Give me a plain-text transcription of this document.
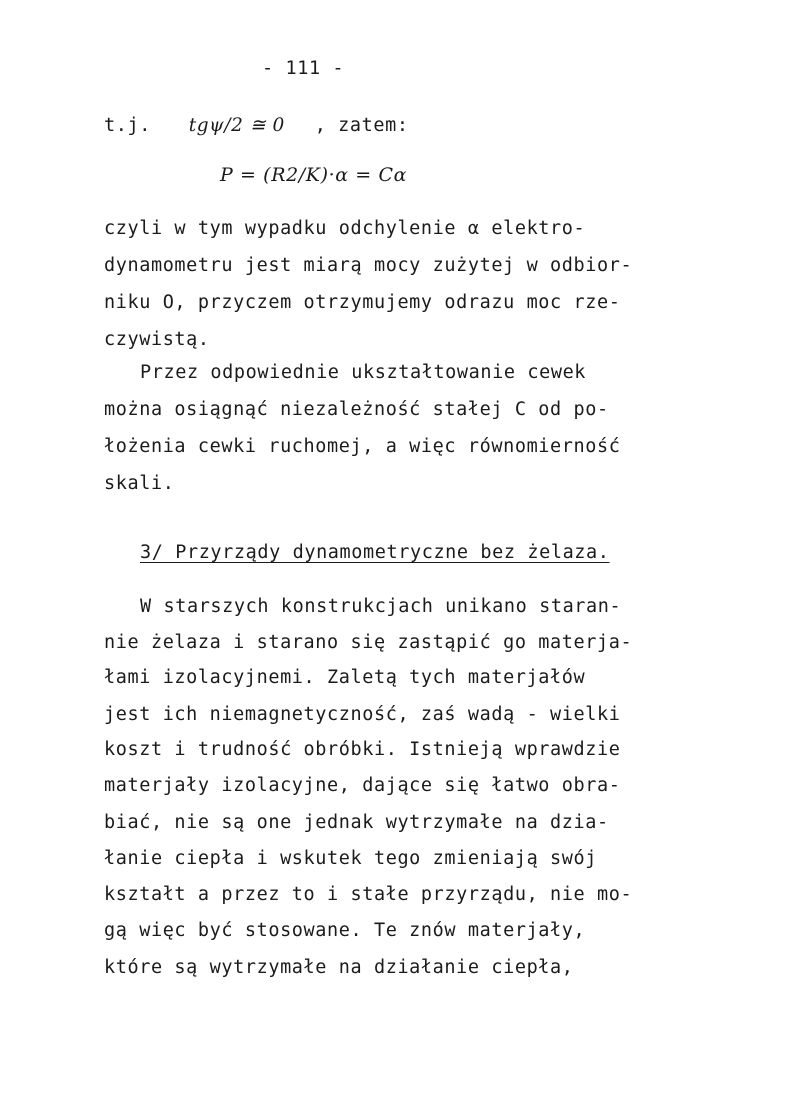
- 111 -
t.j. tgψ/2 ≅ 0 , zatem:
P = (R2/K)·α = Cα
czyli w tym wypadku odchylenie α elektro-
dynamometru jest miarą mocy zużytej w odbior-
niku O, przyczem otrzymujemy odrazu moc rze-
czywistą.
Przez odpowiednie ukształtowanie cewek
można osiągnąć niezależność stałej C od po-
łożenia cewki ruchomej, a więc równomierność
skali.
3/ Przyrządy dynamometryczne bez żelaza.
W starszych konstrukcjach unikano staran-
nie żelaza i starano się zastąpić go materja-
łami izolacyjnemi. Zaletą tych materjałów
jest ich niemagnetyczność, zaś wadą - wielki
koszt i trudność obróbki. Istnieją wprawdzie
materjały izolacyjne, dające się łatwo obra-
biać, nie są one jednak wytrzymałe na dzia-
łanie ciepła i wskutek tego zmieniają swój
kształt a przez to i stałe przyrządu, nie mo-
gą więc być stosowane. Te znów materjały,
które są wytrzymałe na działanie ciepła,
